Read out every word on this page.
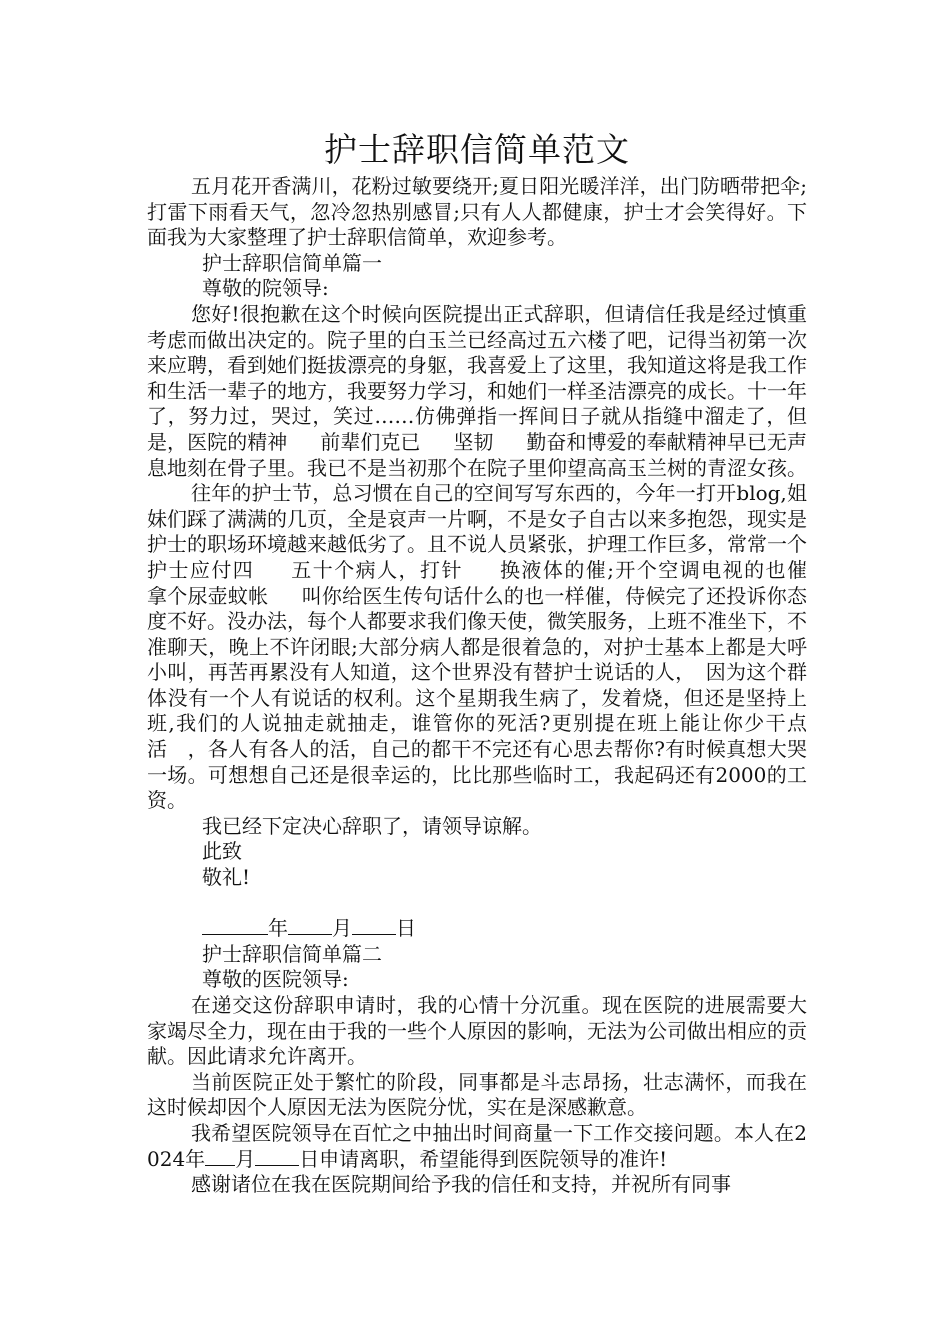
护士辞职信简单范文

五月花开香满川，花粉过敏要绕开;夏日阳光暖洋洋，出门防晒带把伞;打雷下雨看天气，忽冷忽热别感冒;只有人人都健康，护士才会笑得好。下面我为大家整理了护士辞职信简单，欢迎参考。

护士辞职信简单篇一

尊敬的院领导:

您好!很抱歉在这个时候向医院提出正式辞职，但请信任我是经过慎重考虑而做出决定的。院子里的白玉兰已经高过五六楼了吧，记得当初第一次来应聘，看到她们挺拔漂亮的身躯，我喜爱上了这里，我知道这将是我工作和生活一辈子的地方，我要努力学习，和她们一样圣洁漂亮的成长。十一年了，努力过，哭过，笑过……仿佛弹指一挥间日子就从指缝中溜走了，但是，医院的精神　  前辈们克已　  坚韧　  勤奋和博爱的奉献精神早已无声息地刻在骨子里。我已不是当初那个在院子里仰望高高玉兰树的青涩女孩。

往年的护士节，总习惯在自己的空间写写东西的，今年一打开blog,姐妹们踩了满满的几页，全是哀声一片啊，不是女子自古以来多抱怨，现实是护士的职场环境越来越低劣了。且不说人员紧张，护理工作巨多，常常一个护士应付四　  五十个病人，打针　  换液体的催;开个空调电视的也催　  拿个尿壶蚊帐　  叫你给医生传句话什么的也一样催，侍候完了还投诉你态度不好。没办法，每个人都要求我们像天使，微笑服务，上班不准坐下，不准聊天，晚上不许闭眼;大部分病人都是很着急的，对护士基本上都是大呼小叫，再苦再累没有人知道，这个世界没有替护士说话的人，　因为这个群体没有一个人有说话的权利。这个星期我生病了，发着烧，但还是坚持上班,我们的人说抽走就抽走，谁管你的死活?更别提在班上能让你少干点活　，各人有各人的活，自己的都干不完还有心思去帮你?有时候真想大哭一场。可想想自己还是很幸运的，比比那些临时工，我起码还有2000的工资。

我已经下定决心辞职了，请领导谅解。

此致

敬礼!

年 月 日

护士辞职信简单篇二

尊敬的医院领导:

在递交这份辞职申请时，我的心情十分沉重。现在医院的进展需要大家竭尽全力，现在由于我的一些个人原因的影响，无法为公司做出相应的贡献。因此请求允许离开。

当前医院正处于繁忙的阶段，同事都是斗志昂扬，壮志满怀，而我在这时候却因个人原因无法为医院分忧，实在是深感歉意。

我希望医院领导在百忙之中抽出时间商量一下工作交接问题。本人在2024年 月 日申请离职，希望能得到医院领导的准许!

感谢诸位在我在医院期间给予我的信任和支持，并祝所有同事
